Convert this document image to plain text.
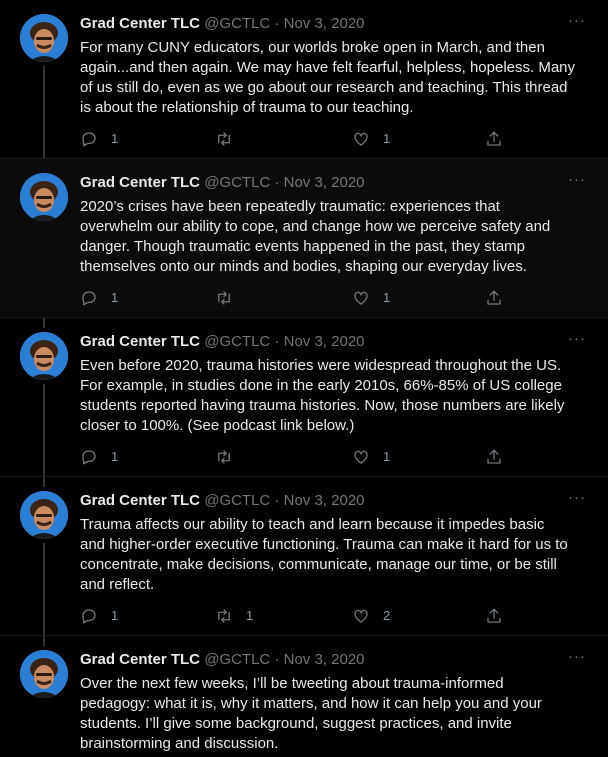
Grad Center TLC @GCTLC · Nov 3, 2020	···
For many CUNY educators, our worlds broke open in March, and then
again...and then again. We may have felt fearful, helpless, hopeless. Many
of us still do, even as we go about our research and teaching. This thread
is about the relationship of trauma to our teaching.
1	1
Grad Center TLC @GCTLC · Nov 3, 2020	···
2020’s crises have been repeatedly traumatic: experiences that
overwhelm our ability to cope, and change how we perceive safety and
danger. Though traumatic events happened in the past, they stamp
themselves onto our minds and bodies, shaping our everyday lives.
1	1
Grad Center TLC @GCTLC · Nov 3, 2020	···
Even before 2020, trauma histories were widespread throughout the US.
For example, in studies done in the early 2010s, 66%-85% of US college
students reported having trauma histories. Now, those numbers are likely
closer to 100%. (See podcast link below.)
1	1
Grad Center TLC @GCTLC · Nov 3, 2020	···
Trauma affects our ability to teach and learn because it impedes basic
and higher-order executive functioning. Trauma can make it hard for us to
concentrate, make decisions, communicate, manage our time, or be still
and reflect.
1	1	2
Grad Center TLC @GCTLC · Nov 3, 2020	···
Over the next few weeks, I’ll be tweeting about trauma-informed
pedagogy: what it is, why it matters, and how it can help you and your
students. I’ll give some background, suggest practices, and invite
brainstorming and discussion.
